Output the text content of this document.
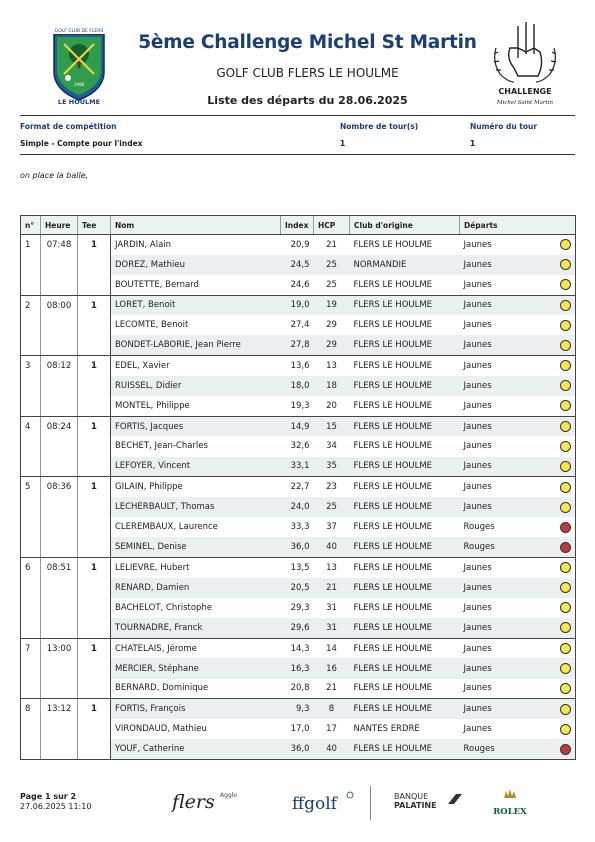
GOLF CLUB DE FLERS
1998
LE HOULME
5ème Challenge Michel St Martin
GOLF CLUB FLERS LE HOULME
Liste des départs du 28.06.2025
CHALLENGE
Michel Saint Martin
Format de compétition
Simple - Compte pour l'index
Nombre de tour(s)
1
Numéro du tour
1
on place la balle,
n°	Heure	Tee	Nom	Index	HCP	Club d'origine	Départs
1	07:48	1	JARDIN, Alain	20,9	21	FLERS LE HOULME	Jaunes

			DOREZ, Mathieu	24,5	25	NORMANDIE	Jaunes

			BOUTETTE, Bernard	24,6	25	FLERS LE HOULME	Jaunes

2	08:00	1	LORET, Benoit	19,0	19	FLERS LE HOULME	Jaunes

			LECOMTE, Benoit	27,4	29	FLERS LE HOULME	Jaunes

			BONDET-LABORIE, Jean Pierre	27,8	29	FLERS LE HOULME	Jaunes

3	08:12	1	EDEL, Xavier	13,6	13	FLERS LE HOULME	Jaunes

			RUISSEL, Didier	18,0	18	FLERS LE HOULME	Jaunes

			MONTEL, Philippe	19,3	20	FLERS LE HOULME	Jaunes

4	08:24	1	FORTIS, Jacques	14,9	15	FLERS LE HOULME	Jaunes

			BECHET, Jean-Charles	32,6	34	FLERS LE HOULME	Jaunes

			LEFOYER, Vincent	33,1	35	FLERS LE HOULME	Jaunes

5	08:36	1	GILAIN, Philippe	22,7	23	FLERS LE HOULME	Jaunes

			LECHERBAULT, Thomas	24,0	25	FLERS LE HOULME	Jaunes

			CLEREMBAUX, Laurence	33,3	37	FLERS LE HOULME	Rouges

			SEMINEL, Denise	36,0	40	FLERS LE HOULME	Rouges

6	08:51	1	LELIEVRE, Hubert	13,5	13	FLERS LE HOULME	Jaunes

			RENARD, Damien	20,5	21	FLERS LE HOULME	Jaunes

			BACHELOT, Christophe	29,3	31	FLERS LE HOULME	Jaunes

			TOURNADRE, Franck	29,6	31	FLERS LE HOULME	Jaunes

7	13:00	1	CHATELAIS, Jérome	14,3	14	FLERS LE HOULME	Jaunes

			MERCIER, Stéphane	16,3	16	FLERS LE HOULME	Jaunes

			BERNARD, Dominique	20,8	21	FLERS LE HOULME	Jaunes

8	13:12	1	FORTIS, François	9,3	8	FLERS LE HOULME	Jaunes

			VIRONDAUD, Mathieu	17,0	17	NANTES ERDRE	Jaunes

			YOUF, Catherine	36,0	40	FLERS LE HOULME	Rouges
Page 1 sur 2
27.06.2025 11:10	flers Agglo	ffgolf	BANQUE
PALATINE
ROLEX
